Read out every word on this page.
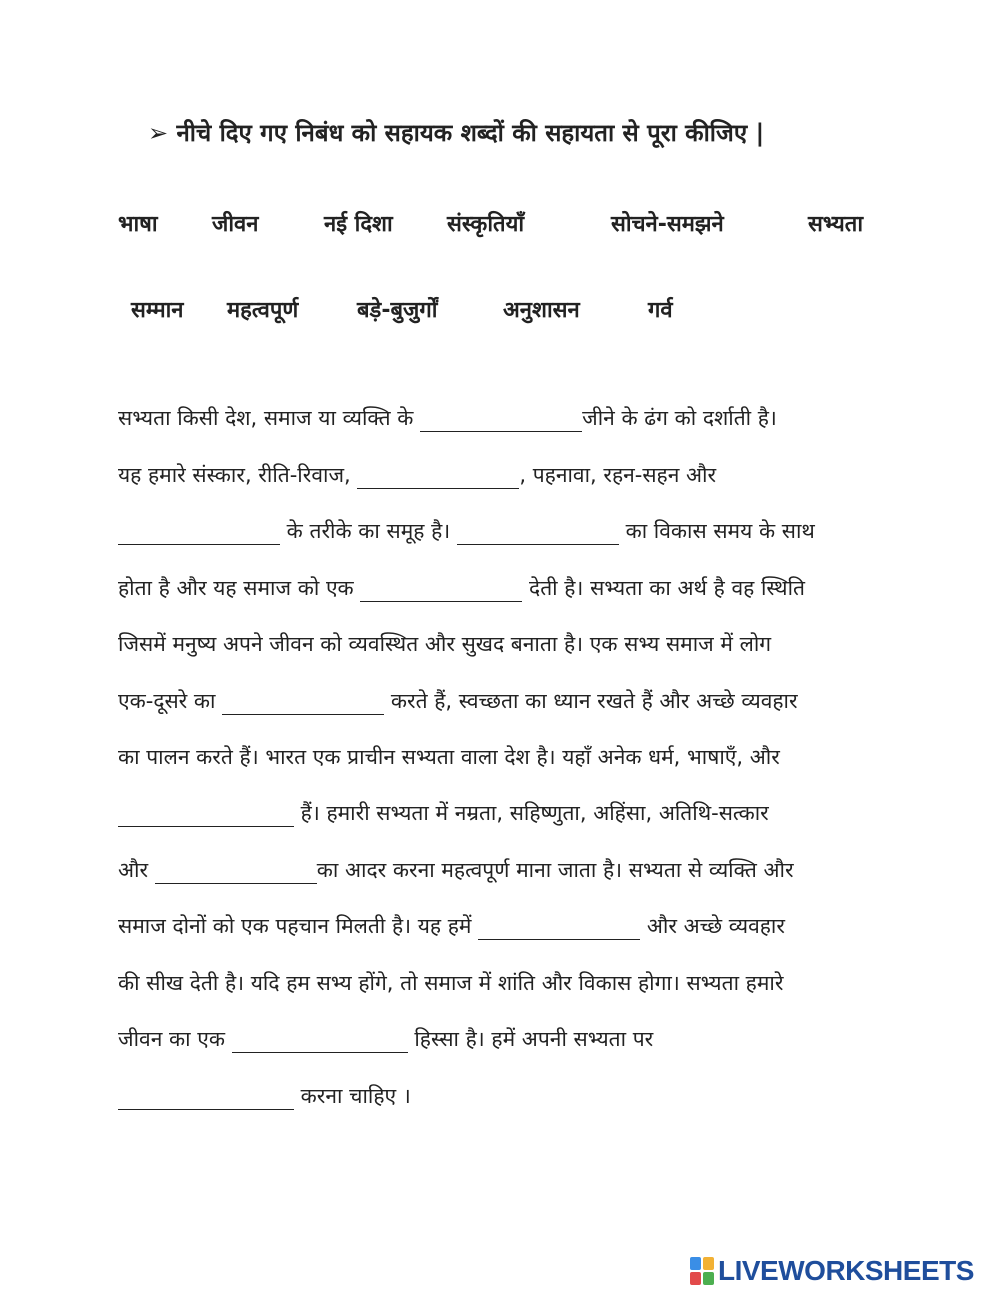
➢ नीचे दिए गए निबंध को सहायक शब्दों की सहायता से पूरा कीजिए |
भाषा जीवन	नई दिशा संस्कृतियाँ	सोचने-समझने	सभ्यता
सम्मान महत्वपूर्ण	बड़े-बुजुर्गों	अनुशासन	गर्व
सभ्यता किसी देश, समाज या व्यक्ति के	जीने के ढंग को दर्शाती है।
यह हमारे संस्कार, रीति-रिवाज,	, पहनावा, रहन-सहन और
के तरीके का समूह है।	का विकास समय के साथ
होता है और यह समाज को एक	देती है। सभ्यता का अर्थ है वह स्थिति
जिसमें मनुष्य अपने जीवन को व्यवस्थित और सुखद बनाता है। एक सभ्य समाज में लोग
एक-दूसरे का	करते हैं, स्वच्छता का ध्यान रखते हैं और अच्छे व्यवहार
का पालन करते हैं। भारत एक प्राचीन सभ्यता वाला देश है। यहाँ अनेक धर्म, भाषाएँ, और
हैं। हमारी सभ्यता में नम्रता, सहिष्णुता, अहिंसा, अतिथि-सत्कार
और	का आदर करना महत्वपूर्ण माना जाता है। सभ्यता से व्यक्ति और
समाज दोनों को एक पहचान मिलती है। यह हमें	और अच्छे व्यवहार
की सीख देती है। यदि हम सभ्य होंगे, तो समाज में शांति और विकास होगा। सभ्यता हमारे
जीवन का एक	हिस्सा है। हमें अपनी सभ्यता पर
करना चाहिए ।
LIVEWORKSHEETS
